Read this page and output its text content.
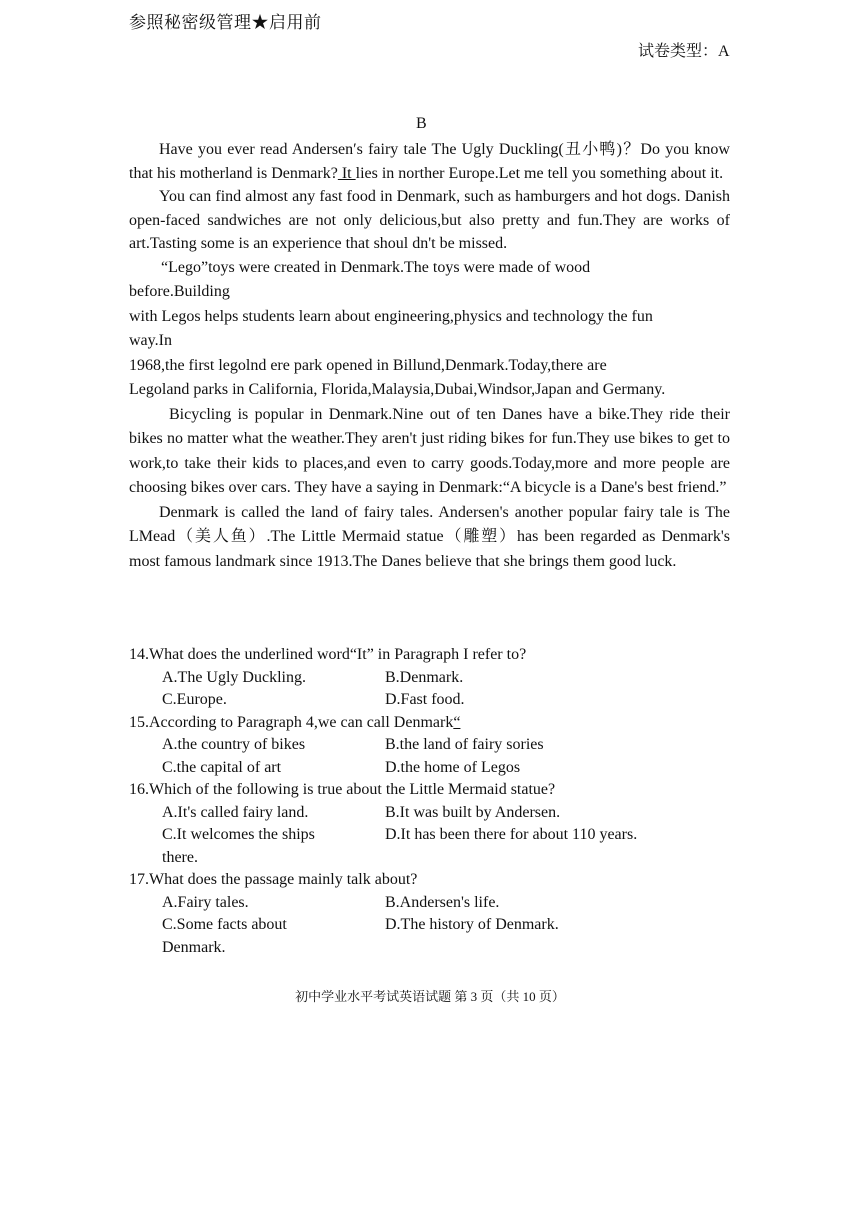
参照秘密级管理★启用前
试卷类型：A
B

Have you ever read Andersen′s fairy tale The Ugly Duckling(丑小鸭)？Do you know that his motherland is Denmark? It lies in norther Europe.Let me tell you something about it.

You can find almost any fast food in Denmark, such as hamburgers and hot dogs. Danish open-faced sandwiches are not only delicious,but also pretty and fun.They are works of art.Tasting some is an experience that shoul dn't be missed.

“Lego”toys were created in Denmark.The toys were made of wood
before.Building
with Legos helps students learn about engineering,physics and technology the fun
way.In
1968,the first legolnd ere park opened in Billund,Denmark.Today,there are
Legoland parks in California, Florida,Malaysia,Dubai,Windsor,Japan and Germany.

Bicycling is popular in Denmark.Nine out of ten Danes have a bike.They ride their bikes no matter what the weather.They aren't just riding bikes for fun.They use bikes to get to work,to take their kids to places,and even to carry goods.Today,more and more people are choosing bikes over cars. They have a saying in Denmark:“A bicycle is a Dane's best friend.”

Denmark is called the land of fairy tales. Andersen's another popular fairy tale is The LMead（美人鱼）.The Little Mermaid statue（雕塑）has been regarded as Denmark's most famous landmark since 1913.The Danes believe that she brings them good luck.

14.What does the underlined word“It” in Paragraph I refer to?

A.The Ugly Duckling.	B.Denmark.
C.Europe.	D.Fast food.

15.According to Paragraph 4,we can call Denmark“

A.the country of bikes	B.the land of fairy sories
C.the capital of art	D.the home of Legos

16.Which of the following is true about the Little Mermaid statue?

A.It's called fairy land.	B.It was built by Andersen.
C.It welcomes the ships there.
D.It has been there for about 110 years.

17.What does the passage mainly talk about?

A.Fairy tales.	B.Andersen's life.
C.Some facts about Denmark.
D.The history of Denmark.
初中学业水平考试英语试题 第 3 页（共 10 页）
